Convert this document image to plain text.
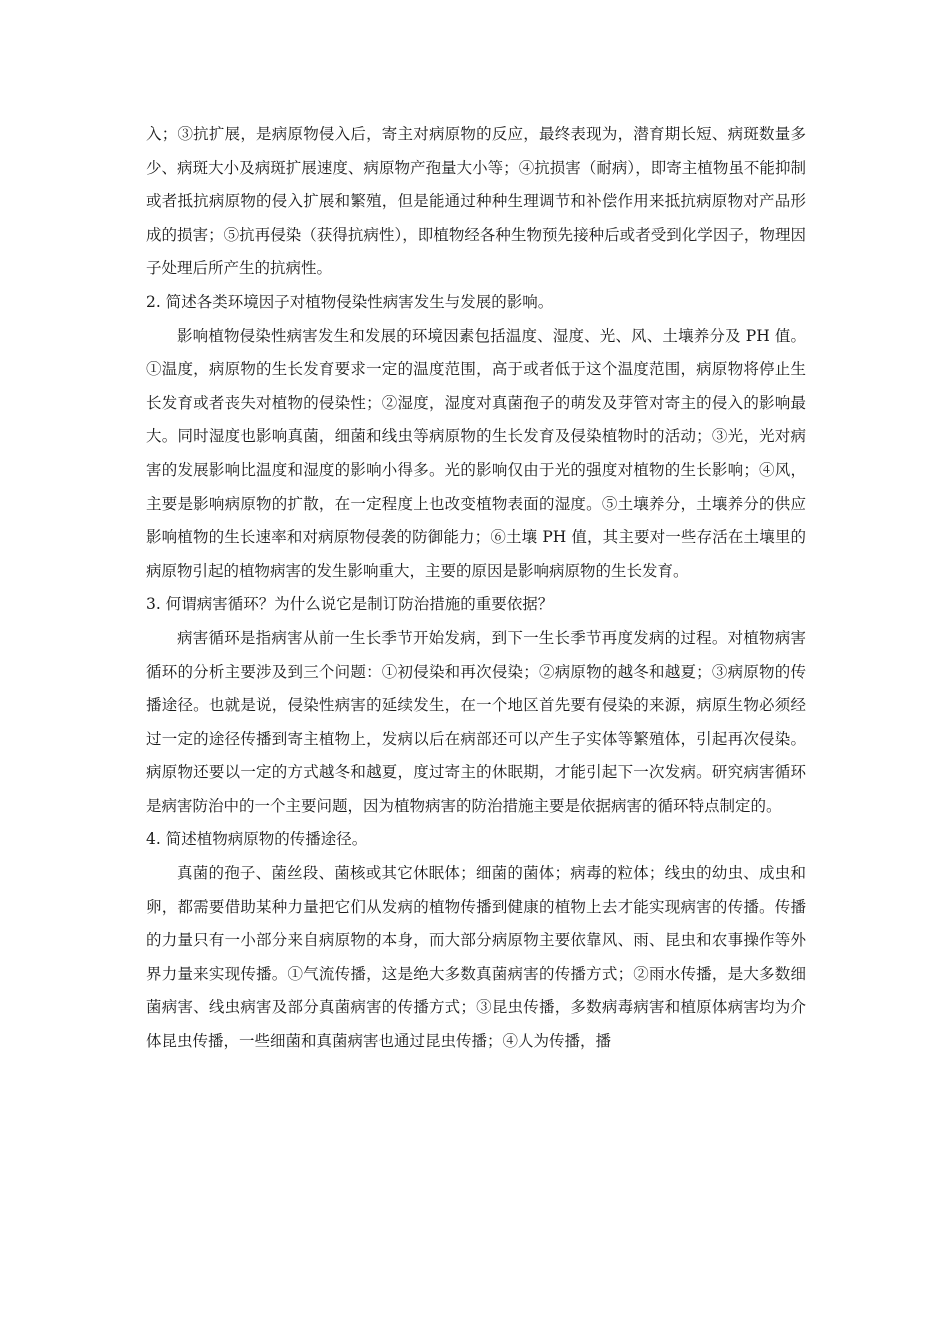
入；③抗扩展，是病原物侵入后，寄主对病原物的反应，最终表现为，潜育期长短、病斑数量多少、病斑大小及病斑扩展速度、病原物产孢量大小等；④抗损害（耐病），即寄主植物虽不能抑制或者抵抗病原物的侵入扩展和繁殖，但是能通过种种生理调节和补偿作用来抵抗病原物对产品形成的损害；⑤抗再侵染（获得抗病性），即植物经各种生物预先接种后或者受到化学因子，物理因子处理后所产生的抗病性。

2. 简述各类环境因子对植物侵染性病害发生与发展的影响。

影响植物侵染性病害发生和发展的环境因素包括温度、湿度、光、风、土壤养分及 PH 值。①温度，病原物的生长发育要求一定的温度范围，高于或者低于这个温度范围，病原物将停止生长发育或者丧失对植物的侵染性；②湿度，湿度对真菌孢子的萌发及芽管对寄主的侵入的影响最大。同时湿度也影响真菌，细菌和线虫等病原物的生长发育及侵染植物时的活动；③光，光对病害的发展影响比温度和湿度的影响小得多。光的影响仅由于光的强度对植物的生长影响；④风，主要是影响病原物的扩散，在一定程度上也改变植物表面的湿度。⑤土壤养分，土壤养分的供应影响植物的生长速率和对病原物侵袭的防御能力；⑥土壤 PH 值，其主要对一些存活在土壤里的病原物引起的植物病害的发生影响重大，主要的原因是影响病原物的生长发育。

3. 何谓病害循环？为什么说它是制订防治措施的重要依据？

病害循环是指病害从前一生长季节开始发病，到下一生长季节再度发病的过程。对植物病害循环的分析主要涉及到三个问题：①初侵染和再次侵染；②病原物的越冬和越夏；③病原物的传播途径。也就是说，侵染性病害的延续发生，在一个地区首先要有侵染的来源，病原生物必须经过一定的途径传播到寄主植物上，发病以后在病部还可以产生子实体等繁殖体，引起再次侵染。病原物还要以一定的方式越冬和越夏，度过寄主的休眠期，才能引起下一次发病。研究病害循环是病害防治中的一个主要问题，因为植物病害的防治措施主要是依据病害的循环特点制定的。

4. 简述植物病原物的传播途径。

真菌的孢子、菌丝段、菌核或其它休眠体；细菌的菌体；病毒的粒体；线虫的幼虫、成虫和卵，都需要借助某种力量把它们从发病的植物传播到健康的植物上去才能实现病害的传播。传播的力量只有一小部分来自病原物的本身，而大部分病原物主要依靠风、雨、昆虫和农事操作等外界力量来实现传播。①气流传播，这是绝大多数真菌病害的传播方式；②雨水传播，是大多数细菌病害、线虫病害及部分真菌病害的传播方式；③昆虫传播，多数病毒病害和植原体病害均为介体昆虫传播，一些细菌和真菌病害也通过昆虫传播；④人为传播，播
